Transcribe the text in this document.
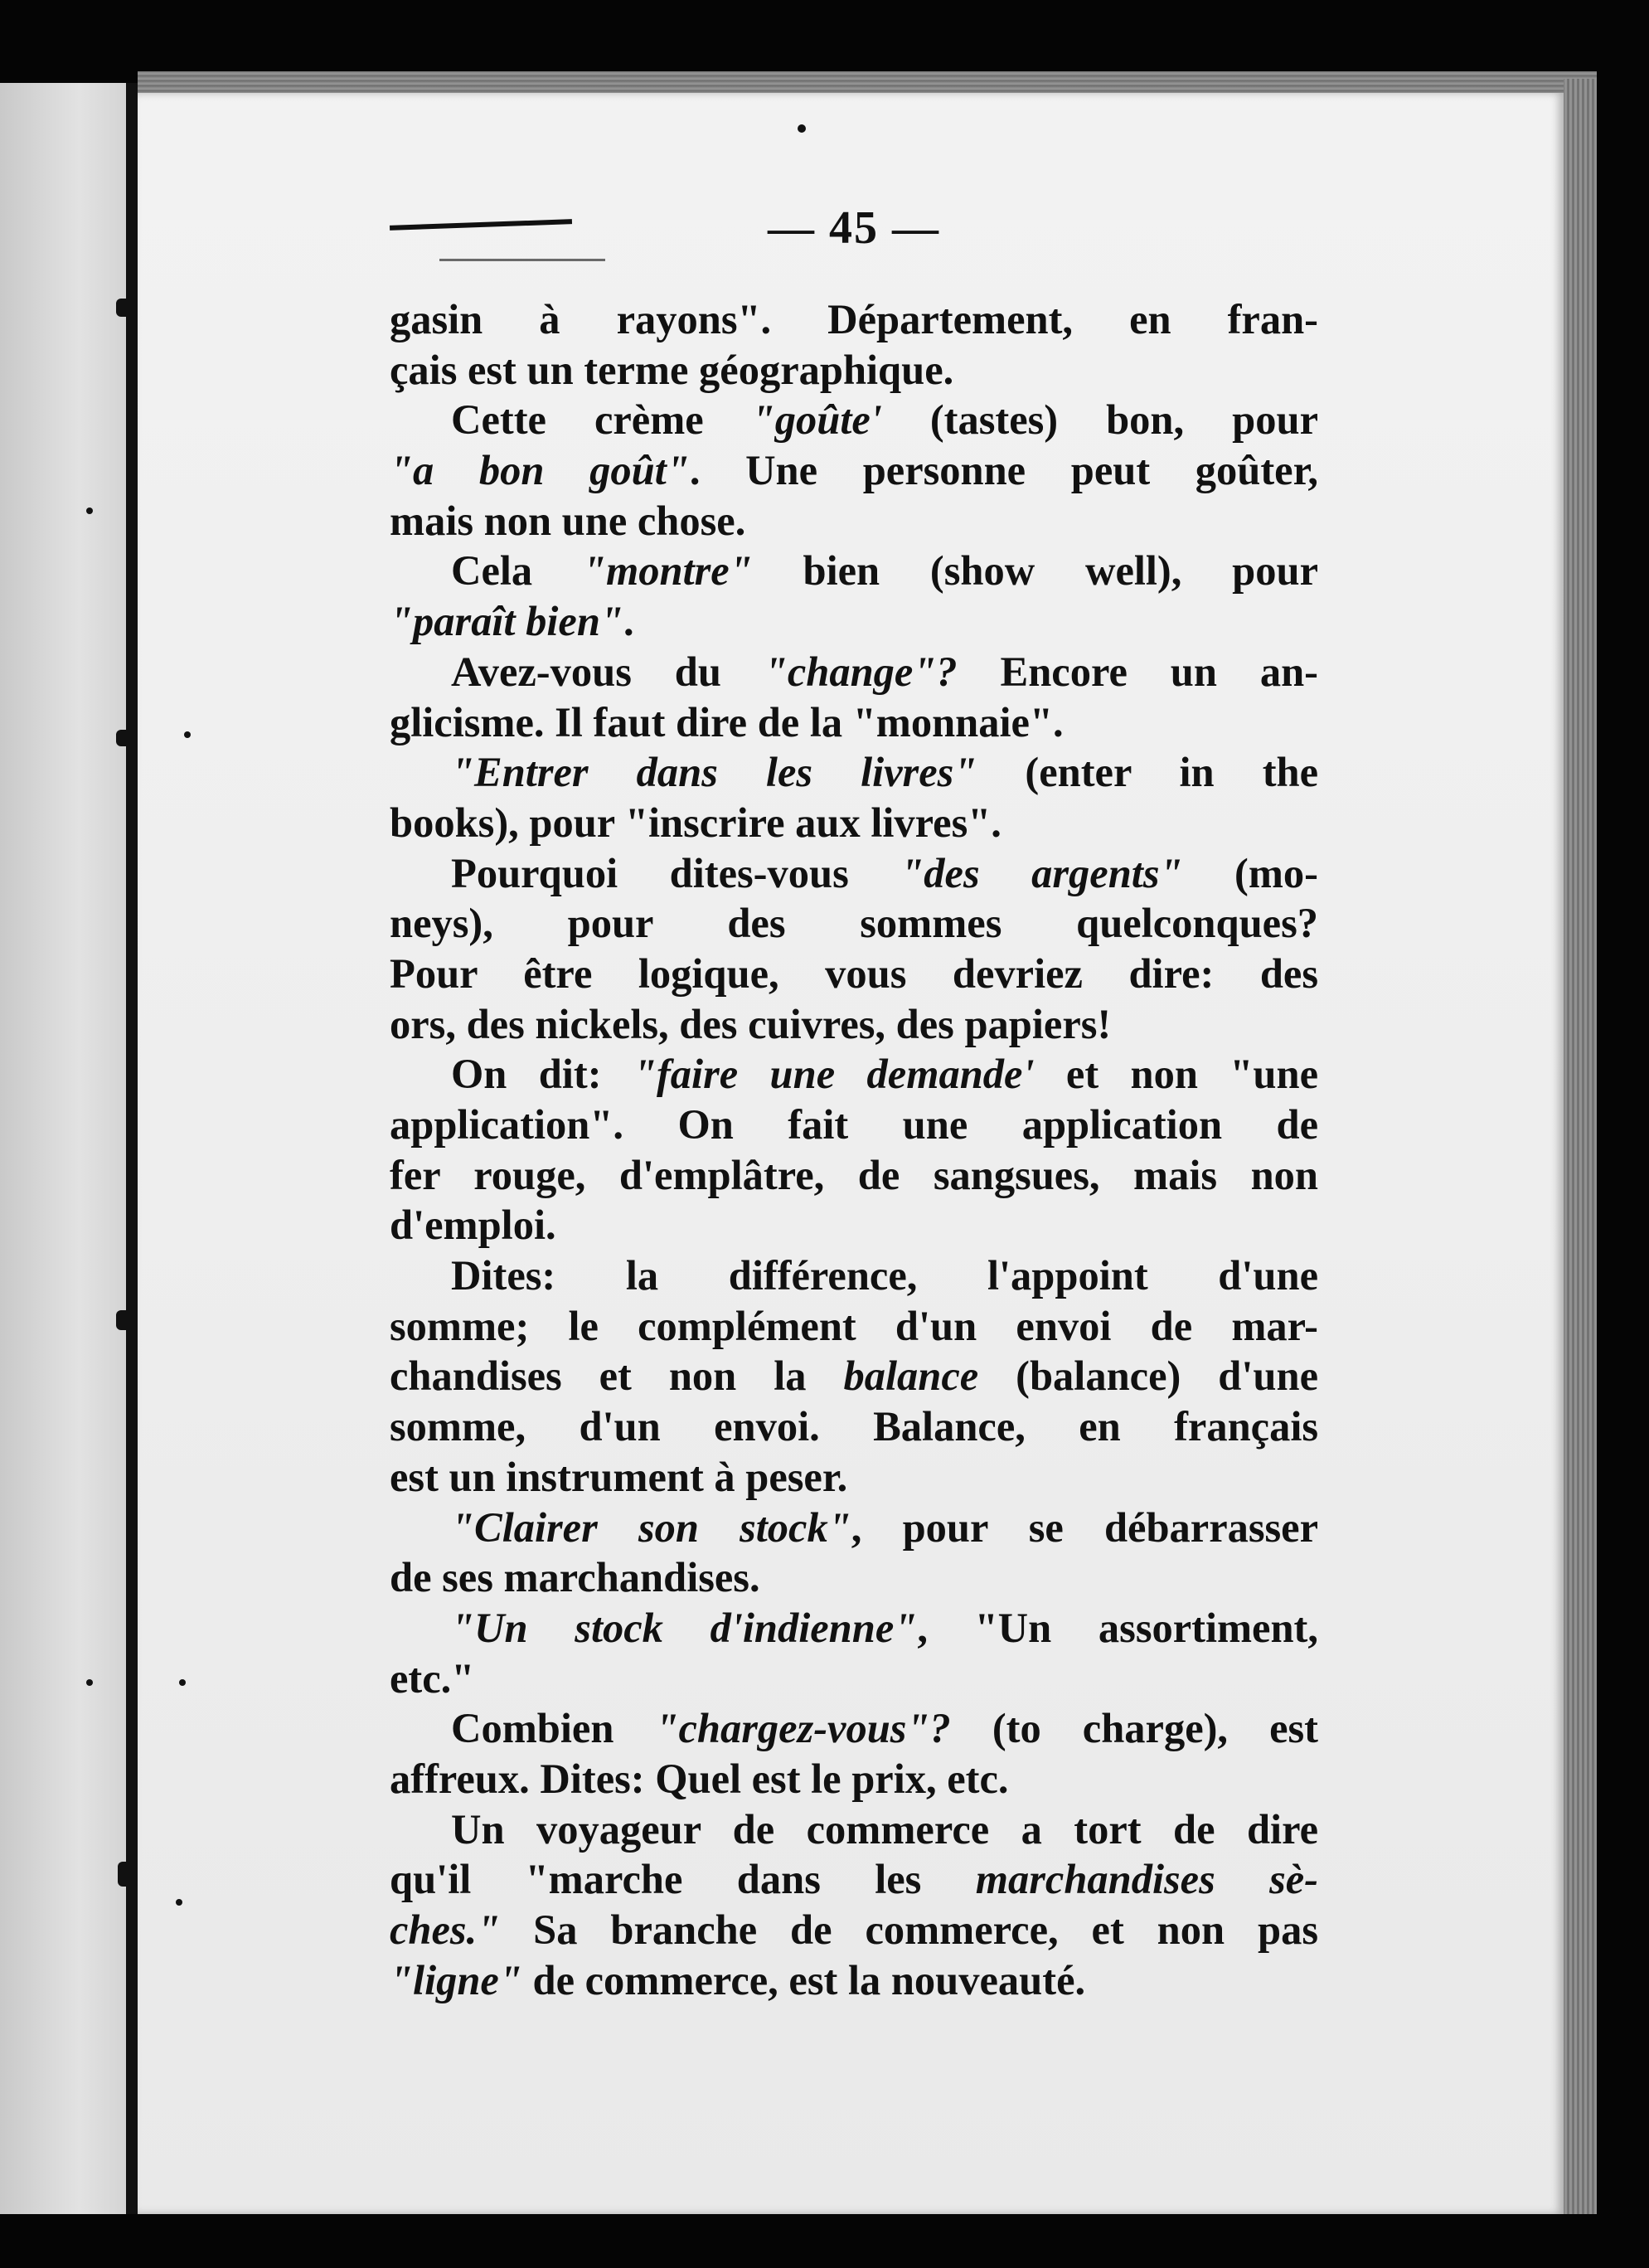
— 45 —
gasin à rayons". Département, en fran-
çais est un terme géographique.
Cette crème "goûte' (tastes) bon, pour
"a bon goût". Une personne peut goûter,
mais non une chose.
Cela "montre" bien (show well), pour
"paraît bien".
Avez-vous du "change"? Encore un an-
glicisme. Il faut dire de la "monnaie".
"Entrer dans les livres" (enter in the
books), pour "inscrire aux livres".
Pourquoi dites-vous "des argents" (mo-
neys), pour des sommes quelconques?
Pour être logique, vous devriez dire: des
ors, des nickels, des cuivres, des papiers!
On dit: "faire une demande' et non "une
application". On fait une application de
fer rouge, d'emplâtre, de sangsues, mais non
d'emploi.
Dites: la différence, l'appoint d'une
somme; le complément d'un envoi de mar-
chandises et non la balance (balance) d'une
somme, d'un envoi. Balance, en français
est un instrument à peser.
"Clairer son stock", pour se débarrasser
de ses marchandises.
"Un stock d'indienne", "Un assortiment,
etc."
Combien "chargez-vous"? (to charge), est
affreux. Dites: Quel est le prix, etc.
Un voyageur de commerce a tort de dire
qu'il "marche dans les marchandises sè-
ches." Sa branche de commerce, et non pas
"ligne" de commerce, est la nouveauté.
